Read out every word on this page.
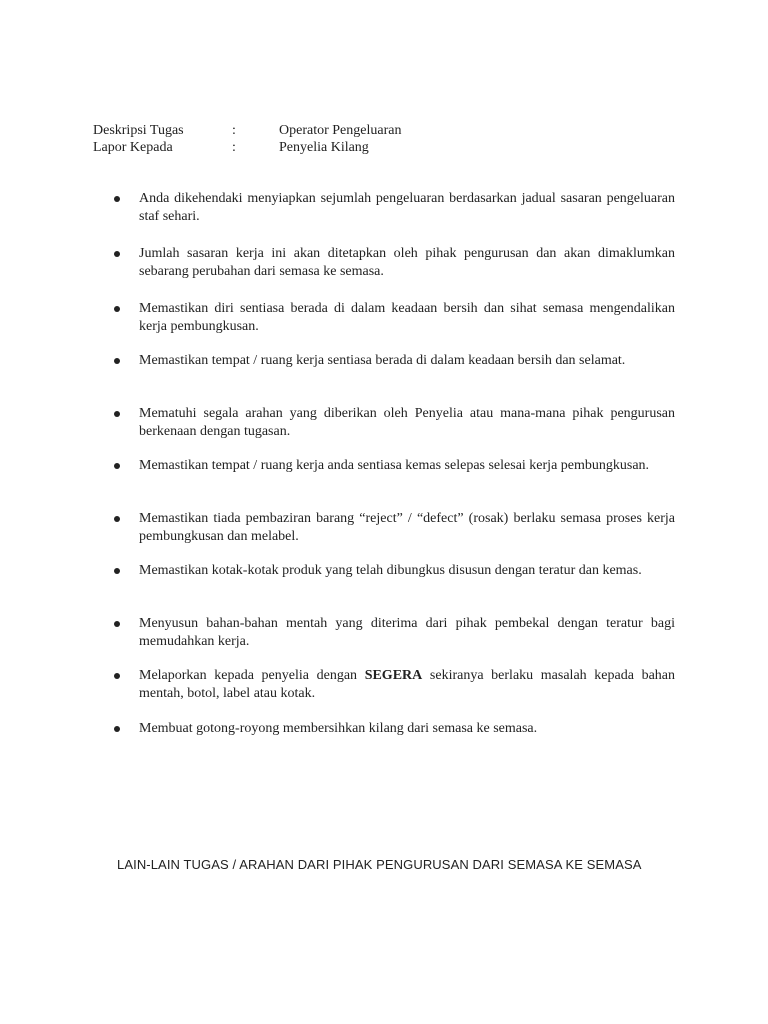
Deskripsi Tugas	:	Operator Pengeluaran
Lapor Kepada	:	Penyelia Kilang
Anda dikehendaki menyiapkan sejumlah pengeluaran berdasarkan jadual sasaran pengeluaran staf sehari.
Jumlah sasaran kerja ini akan ditetapkan oleh pihak pengurusan dan akan dimaklumkan sebarang perubahan dari semasa ke semasa.
Memastikan diri sentiasa berada di dalam keadaan bersih dan sihat semasa mengendalikan kerja pembungkusan.
Memastikan tempat / ruang kerja sentiasa berada di dalam keadaan bersih dan selamat.
Mematuhi segala arahan yang diberikan oleh Penyelia atau mana-mana pihak pengurusan berkenaan dengan tugasan.
Memastikan tempat / ruang kerja anda sentiasa kemas selepas selesai kerja pembungkusan.
Memastikan tiada pembaziran barang “reject” / “defect” (rosak) berlaku semasa proses kerja pembungkusan dan melabel.
Memastikan kotak-kotak produk yang telah dibungkus disusun dengan teratur dan kemas.
Menyusun bahan-bahan mentah yang diterima dari pihak pembekal dengan teratur bagi memudahkan kerja.
Melaporkan kepada penyelia dengan SEGERA sekiranya berlaku masalah kepada bahan mentah, botol, label atau kotak.
Membuat gotong-royong membersihkan kilang dari semasa ke semasa.
LAIN-LAIN TUGAS / ARAHAN DARI PIHAK PENGURUSAN DARI SEMASA KE SEMASA
